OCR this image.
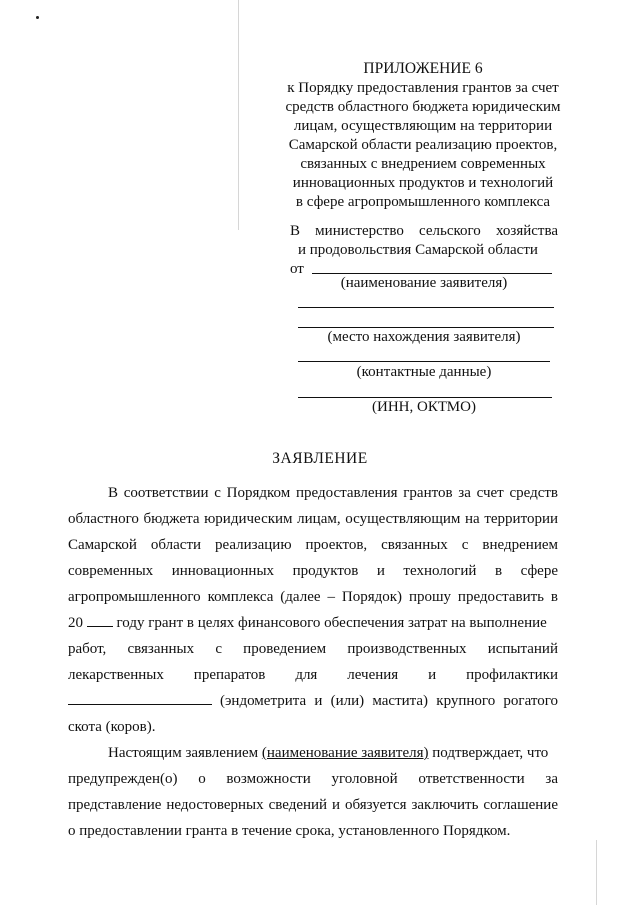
ПРИЛОЖЕНИЕ 6
к Порядку предоставления грантов за счет
средств областного бюджета юридическим
лицам, осуществляющим на территории
Самарской области реализацию проектов,
связанных с внедрением современных
инновационных продуктов и технологий
в сфере агропромышленного комплекса
В министерство сельского хозяйства
и продовольствия Самарской области
от
(наименование заявителя)
(место нахождения заявителя)
(контактные данные)
(ИНН, ОКТМО)
ЗАЯВЛЕНИЕ
В соответствии с Порядком предоставления грантов за счет средств
областного бюджета юридическим лицам, осуществляющим на территории
Самарской области реализацию проектов, связанных с внедрением
современных инновационных продуктов и технологий в сфере
агропромышленного комплекса (далее – Порядок) прошу предоставить в
20 году грант в целях финансового обеспечения затрат на выполнение
работ, связанных с проведением производственных испытаний
лекарственных препаратов для лечения и профилактики
(эндометрита и (или) мастита) крупного рогатого
скота (коров).
Настоящим заявлением (наименование заявителя) подтверждает, что
предупрежден(о) о возможности уголовной ответственности за
представление недостоверных сведений и обязуется заключить соглашение
о предоставлении гранта в течение срока, установленного Порядком.
